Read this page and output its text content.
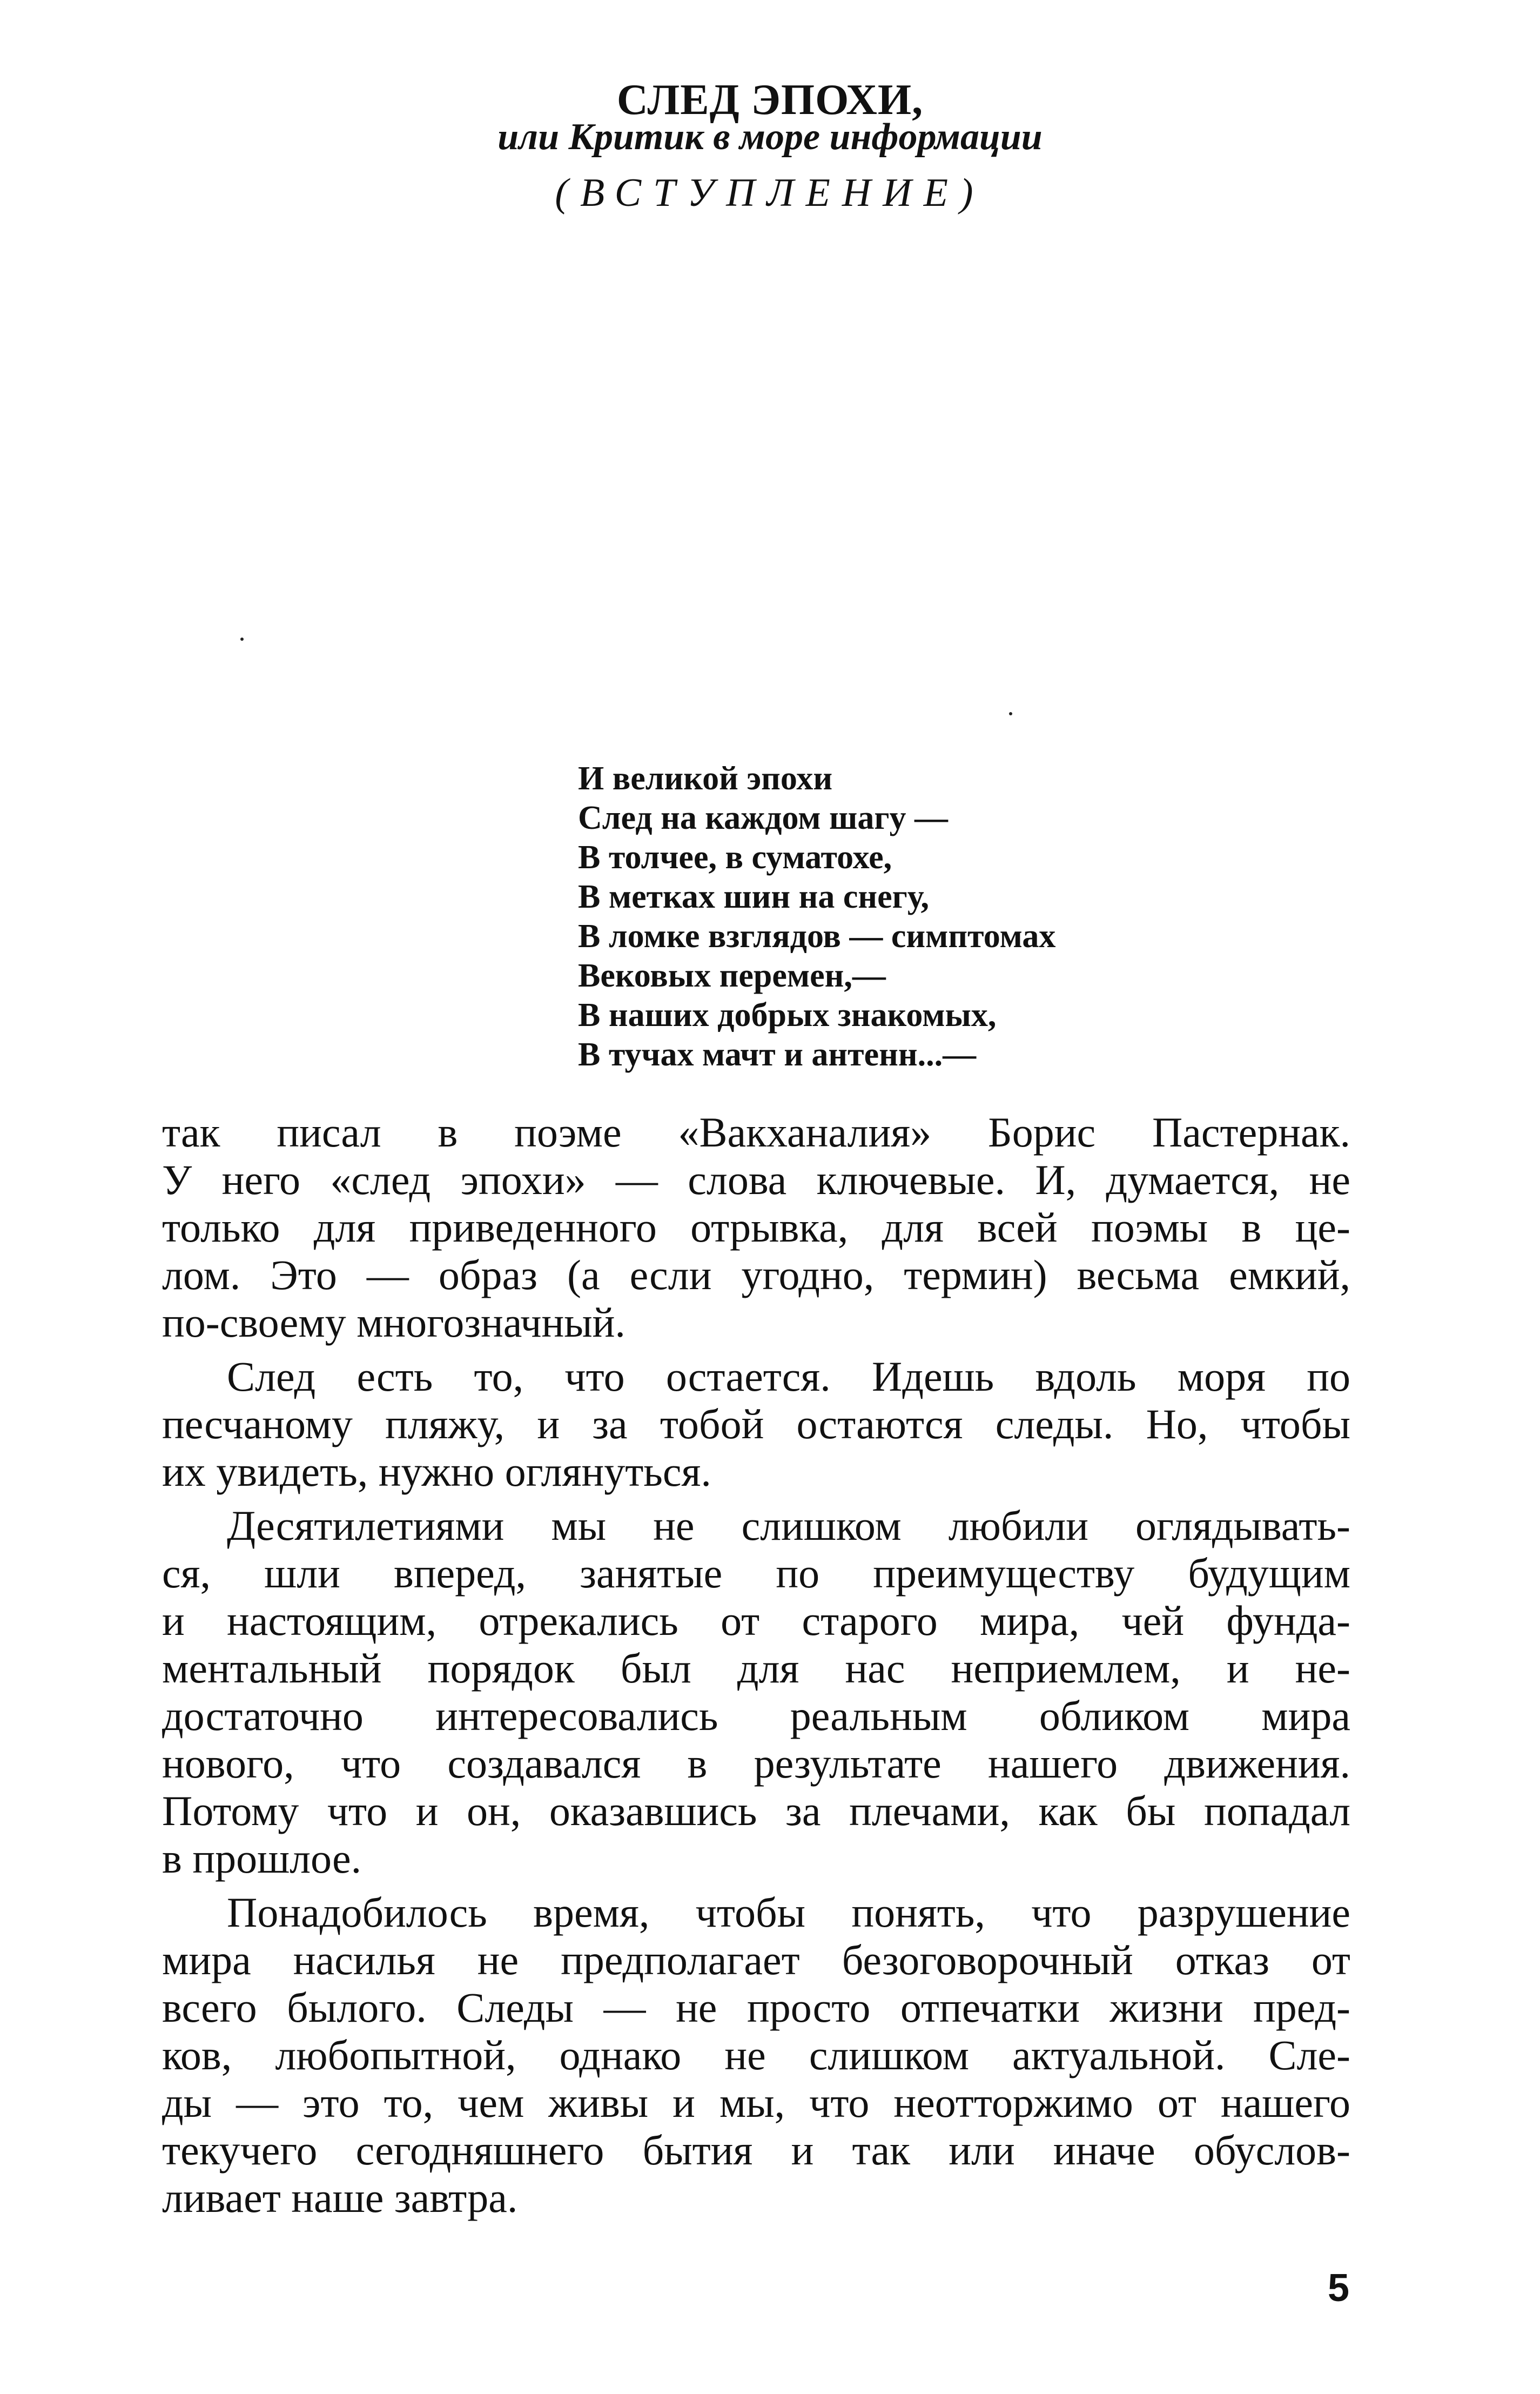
СЛЕД ЭПОХИ,
или Критик в море информации
(ВСТУПЛЕНИЕ)
И великой эпохи
След на каждом шагу —
В толчее, в суматохе,
В метках шин на снегу,
В ломке взглядов — симптомах
Вековых перемен,—
В наших добрых знакомых,
В тучах мачт и антенн...—
так писал в поэме «Вакханалия» Борис Пастернак.
У него «след эпохи» — слова ключевые. И, думается, не
только для приведенного отрывка, для всей поэмы в це-
лом. Это — образ (а если угодно, термин) весьма емкий,
по-своему многозначный.
След есть то, что остается. Идешь вдоль моря по
песчаному пляжу, и за тобой остаются следы. Но, чтобы
их увидеть, нужно оглянуться.
Десятилетиями мы не слишком любили оглядывать-
ся, шли вперед, занятые по преимуществу будущим
и настоящим, отрекались от старого мира, чей фунда-
ментальный порядок был для нас неприемлем, и не-
достаточно интересовались реальным обликом мира
нового, что создавался в результате нашего движения.
Потому что и он, оказавшись за плечами, как бы попадал
в прошлое.
Понадобилось время, чтобы понять, что разрушение
мира насилья не предполагает безоговорочный отказ от
всего былого. Следы — не просто отпечатки жизни пред-
ков, любопытной, однако не слишком актуальной. Сле-
ды — это то, чем живы и мы, что неотторжимо от нашего
текучего сегодняшнего бытия и так или иначе обуслов-
ливает наше завтра.
5
